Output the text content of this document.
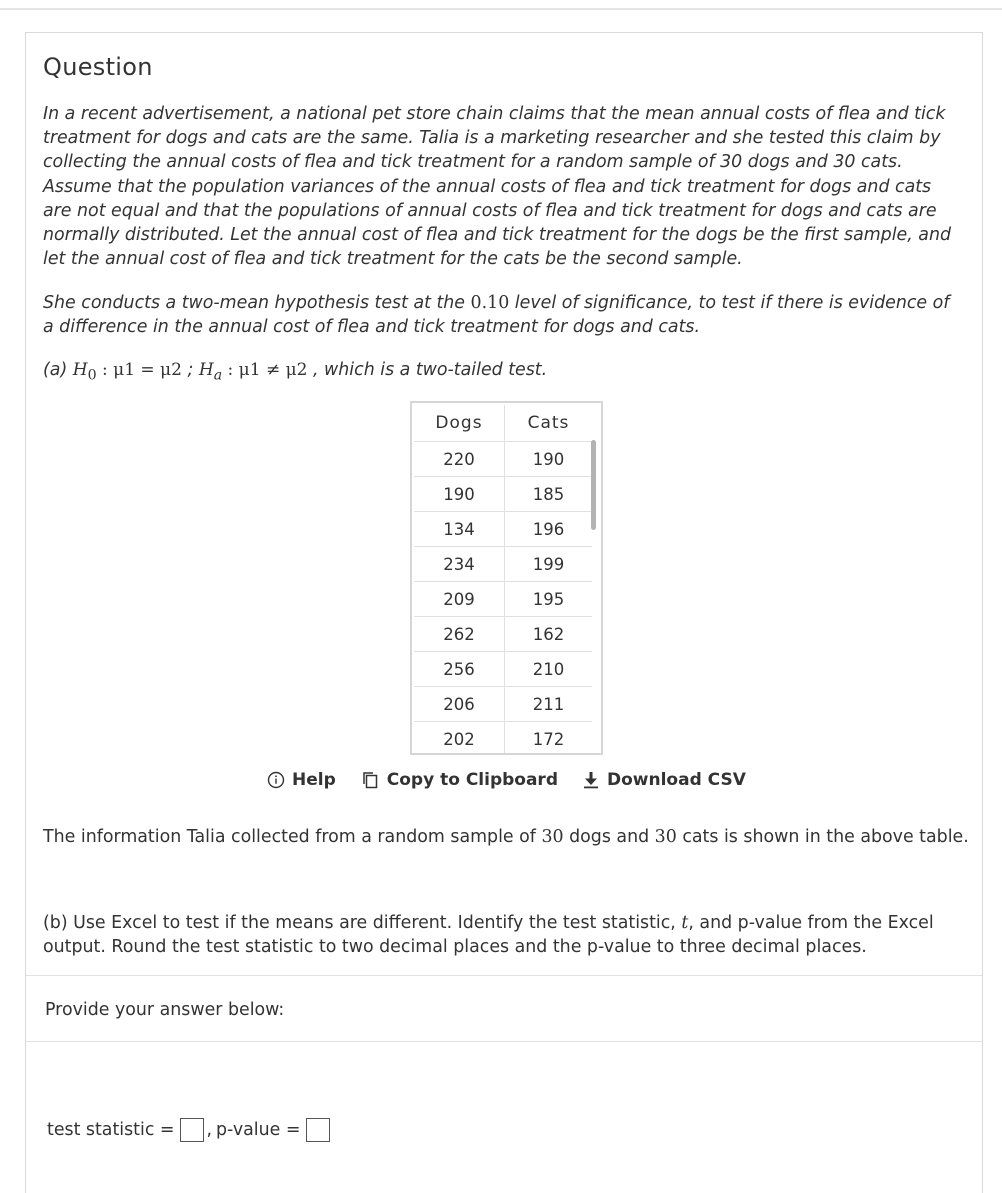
Question
In a recent advertisement, a national pet store chain claims that the mean annual costs of flea and tick treatment for dogs and cats are the same. Talia is a marketing researcher and she tested this claim by collecting the annual costs of flea and tick treatment for a random sample of 30 dogs and 30 cats. Assume that the population variances of the annual costs of flea and tick treatment for dogs and cats are not equal and that the populations of annual costs of flea and tick treatment for dogs and cats are normally distributed. Let the annual cost of flea and tick treatment for the dogs be the first sample, and let the annual cost of flea and tick treatment for the cats be the second sample.
She conducts a two-mean hypothesis test at the 0.10 level of significance, to test if there is evidence of a difference in the annual cost of flea and tick treatment for dogs and cats.
(a) $H_0$ : μ1 = μ2 ; $H_a$ : μ1 ≠ μ2 , which is a two-tailed test.
Dogs	Cats
220	190
190	185
134	196
234	199
209	195
262	162
256	210
206	211
202	172
Help	Copy to Clipboard	Download CSV
The information Talia collected from a random sample of 30 dogs and 30 cats is shown in the above table.
(b) Use Excel to test if the means are different. Identify the test statistic, t, and p-value from the Excel output. Round the test statistic to two decimal places and the p-value to three decimal places.
Provide your answer below:
test statistic = , p-value =
